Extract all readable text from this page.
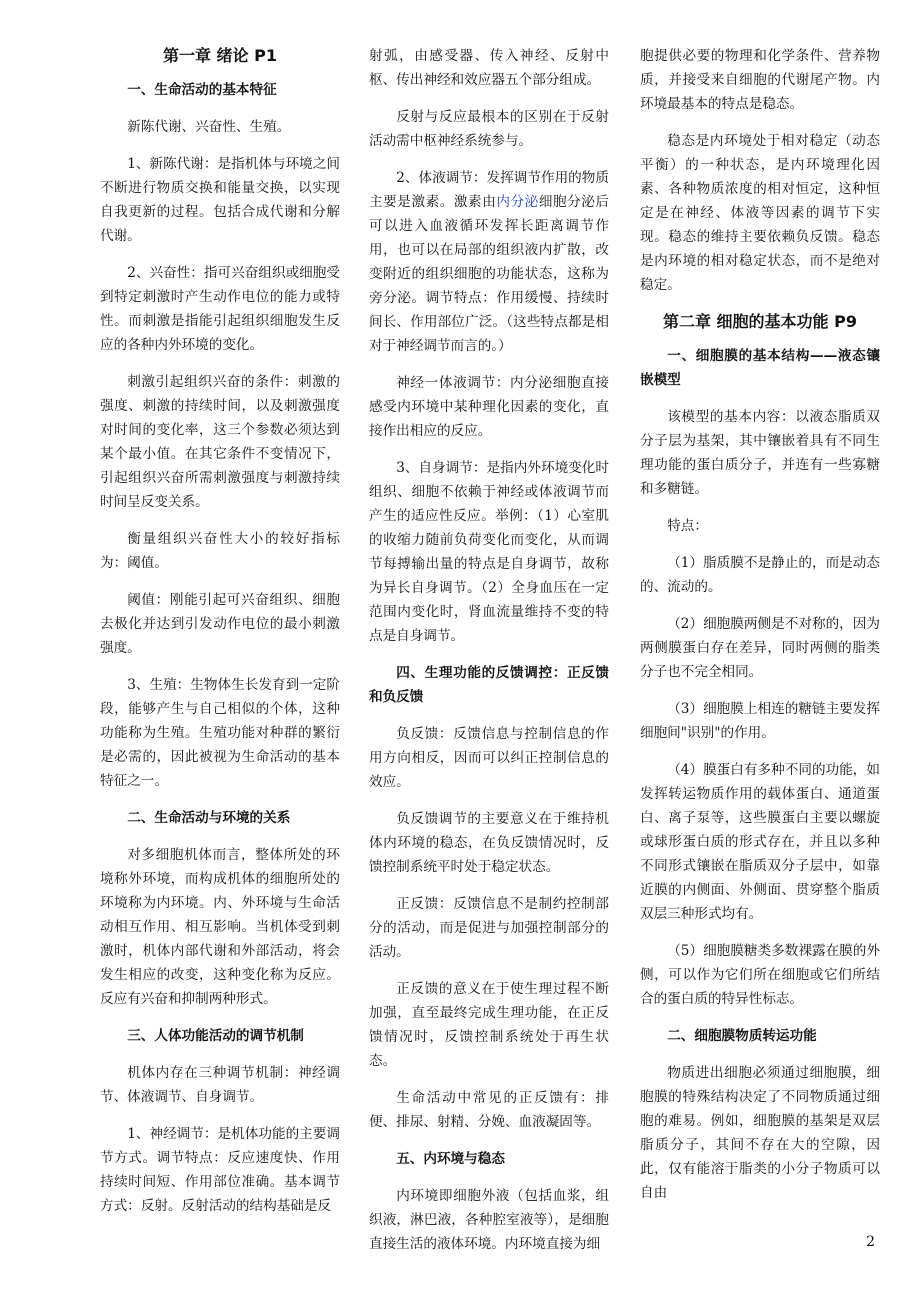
第一章 绪论 P1
一、生命活动的基本特征

新陈代谢、兴奋性、生殖。

1、新陈代谢：是指机体与环境之间不断进行物质交换和能量交换，以实现自我更新的过程。包括合成代谢和分解代谢。

2、兴奋性：指可兴奋组织或细胞受到特定刺激时产生动作电位的能力或特性。而刺激是指能引起组织细胞发生反应的各种内外环境的变化。

刺激引起组织兴奋的条件：刺激的强度、刺激的持续时间，以及刺激强度对时间的变化率，这三个参数必须达到某个最小值。在其它条件不变情况下，引起组织兴奋所需刺激强度与刺激持续时间呈反变关系。

衡量组织兴奋性大小的较好指标为：阈值。

阈值：刚能引起可兴奋组织、细胞去极化并达到引发动作电位的最小刺激强度。

3、生殖：生物体生长发育到一定阶段，能够产生与自己相似的个体，这种功能称为生殖。生殖功能对种群的繁衍是必需的，因此被视为生命活动的基本特征之一。

二、生命活动与环境的关系

对多细胞机体而言，整体所处的环境称外环境，而构成机体的细胞所处的环境称为内环境。内、外环境与生命活动相互作用、相互影响。当机体受到刺激时，机体内部代谢和外部活动，将会发生相应的改变，这种变化称为反应。反应有兴奋和抑制两种形式。

三、人体功能活动的调节机制

机体内存在三种调节机制：神经调节、体液调节、自身调节。

1、神经调节：是机体功能的主要调节方式。调节特点：反应速度快、作用持续时间短、作用部位准确。基本调节方式：反射。反射活动的结构基础是反

射弧，由感受器、传入神经、反射中枢、传出神经和效应器五个部分组成。

反射与反应最根本的区别在于反射活动需中枢神经系统参与。

2、体液调节：发挥调节作用的物质主要是激素。激素由内分泌细胞分泌后可以进入血液循环发挥长距离调节作用，也可以在局部的组织液内扩散，改变附近的组织细胞的功能状态，这称为旁分泌。调节特点：作用缓慢、持续时间长、作用部位广泛。（这些特点都是相对于神经调节而言的。）

神经一体液调节：内分泌细胞直接感受内环境中某种理化因素的变化，直接作出相应的反应。

3、自身调节：是指内外环境变化时组织、细胞不依赖于神经或体液调节而产生的适应性反应。举例：（1）心室肌的收缩力随前负荷变化而变化，从而调节每搏输出量的特点是自身调节，故称为异长自身调节。（2）全身血压在一定范围内变化时，肾血流量维持不变的特点是自身调节。

四、生理功能的反馈调控：正反馈和负反馈

负反馈：反馈信息与控制信息的作用方向相反，因而可以纠正控制信息的效应。

负反馈调节的主要意义在于维持机体内环境的稳态，在负反馈情况时，反馈控制系统平时处于稳定状态。

正反馈：反馈信息不是制约控制部分的活动，而是促进与加强控制部分的活动。

正反馈的意义在于使生理过程不断加强，直至最终完成生理功能，在正反馈情况时，反馈控制系统处于再生状态。

生命活动中常见的正反馈有：排便、排尿、射精、分娩、血液凝固等。

五、内环境与稳态

内环境即细胞外液（包括血浆，组织液，淋巴液，各种腔室液等），是细胞直接生活的液体环境。内环境直接为细

胞提供必要的物理和化学条件、营养物质，并接受来自细胞的代谢尾产物。内环境最基本的特点是稳态。

稳态是内环境处于相对稳定（动态平衡）的一种状态，是内环境理化因素、各种物质浓度的相对恒定，这种恒定是在神经、体液等因素的调节下实现。稳态的维持主要依赖负反馈。稳态是内环境的相对稳定状态，而不是绝对稳定。

第二章 细胞的基本功能 P9
一、细胞膜的基本结构——液态镶嵌模型

该模型的基本内容：以液态脂质双分子层为基架，其中镶嵌着具有不同生理功能的蛋白质分子，并连有一些寡糖和多糖链。

特点：

（1）脂质膜不是静止的，而是动态的、流动的。

（2）细胞膜两侧是不对称的，因为两侧膜蛋白存在差异，同时两侧的脂类分子也不完全相同。

（3）细胞膜上相连的糖链主要发挥细胞间"识别"的作用。

（4）膜蛋白有多种不同的功能，如发挥转运物质作用的载体蛋白、通道蛋白、离子泵等，这些膜蛋白主要以螺旋或球形蛋白质的形式存在，并且以多种不同形式镶嵌在脂质双分子层中，如靠近膜的内侧面、外侧面、贯穿整个脂质双层三种形式均有。

（5）细胞膜糖类多数裸露在膜的外侧，可以作为它们所在细胞或它们所结合的蛋白质的特异性标志。

二、细胞膜物质转运功能

物质进出细胞必须通过细胞膜，细胞膜的特殊结构决定了不同物质通过细胞的难易。例如，细胞膜的基架是双层脂质分子，其间不存在大的空隙，因此，仅有能溶于脂类的小分子物质可以自由

2
